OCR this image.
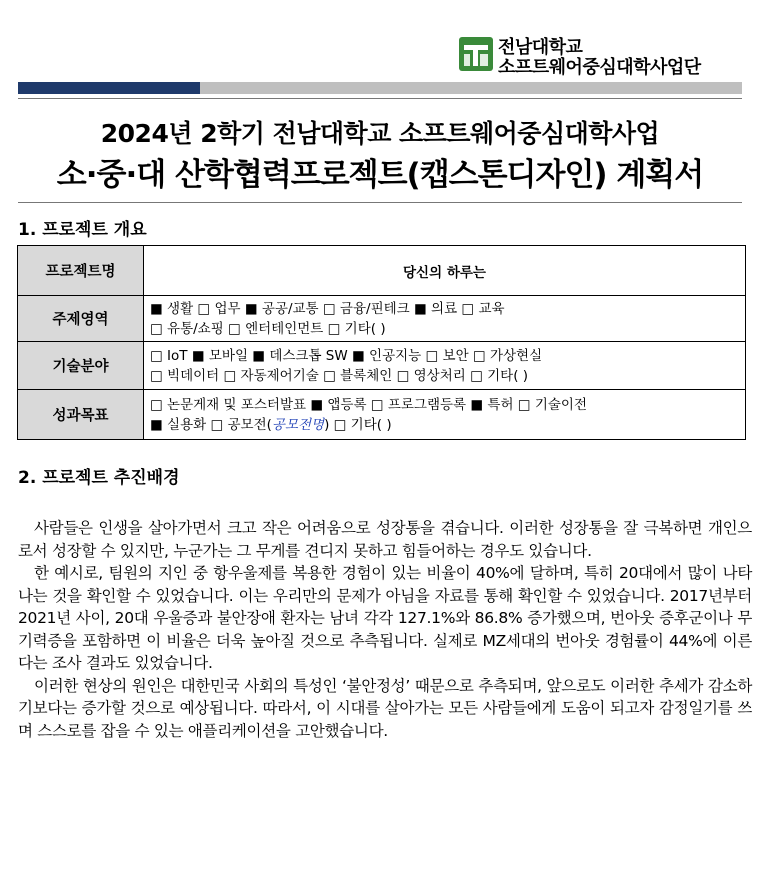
전남대학교
소프트웨어중심대학사업단
2024년 2학기 전남대학교 소프트웨어중심대학사업
소·중·대 산학협력프로젝트(캡스톤디자인) 계획서
1. 프로젝트 개요
프로젝트명	당신의 하루는
주제영역	■ 생활 □ 업무 ■ 공공/교통 □ 금융/핀테크 ■ 의료 □ 교육
□ 유통/쇼핑 □ 엔터테인먼트 □ 기타( )

기술분야	□ IoT ■ 모바일 ■ 데스크톱 SW ■ 인공지능 □ 보안 □ 가상현실
□ 빅데이터 □ 자동제어기술 □ 블록체인 □ 영상처리 □ 기타( )

성과목표	□ 논문게재 및 포스터발표 ■ 앱등록 □ 프로그램등록 ■ 특허 □ 기술이전
■ 실용화 □ 공모전(공모전명) □ 기타( )
2. 프로젝트 추진배경

사람들은 인생을 살아가면서 크고 작은 어려움으로 성장통을 겪습니다. 이러한 성장통을 잘 극복하면 개인으로서 성장할 수 있지만, 누군가는 그 무게를 견디지 못하고 힘들어하는 경우도 있습니다.

한 예시로, 팀원의 지인 중 항우울제를 복용한 경험이 있는 비율이 40%에 달하며, 특히 20대에서 많이 나타나는 것을 확인할 수 있었습니다. 이는 우리만의 문제가 아님을 자료를 통해 확인할 수 있었습니다. 2017년부터 2021년 사이, 20대 우울증과 불안장애 환자는 남녀 각각 127.1%와 86.8% 증가했으며, 번아웃 증후군이나 무기력증을 포함하면 이 비율은 더욱 높아질 것으로 추측됩니다. 실제로 MZ세대의 번아웃 경험률이 44%에 이른다는 조사 결과도 있었습니다.

이러한 현상의 원인은 대한민국 사회의 특성인 ‘불안정성’ 때문으로 추측되며, 앞으로도 이러한 추세가 감소하기보다는 증가할 것으로 예상됩니다. 따라서, 이 시대를 살아가는 모든 사람들에게 도움이 되고자 감정일기를 쓰며 스스로를 잡을 수 있는 애플리케이션을 고안했습니다.
